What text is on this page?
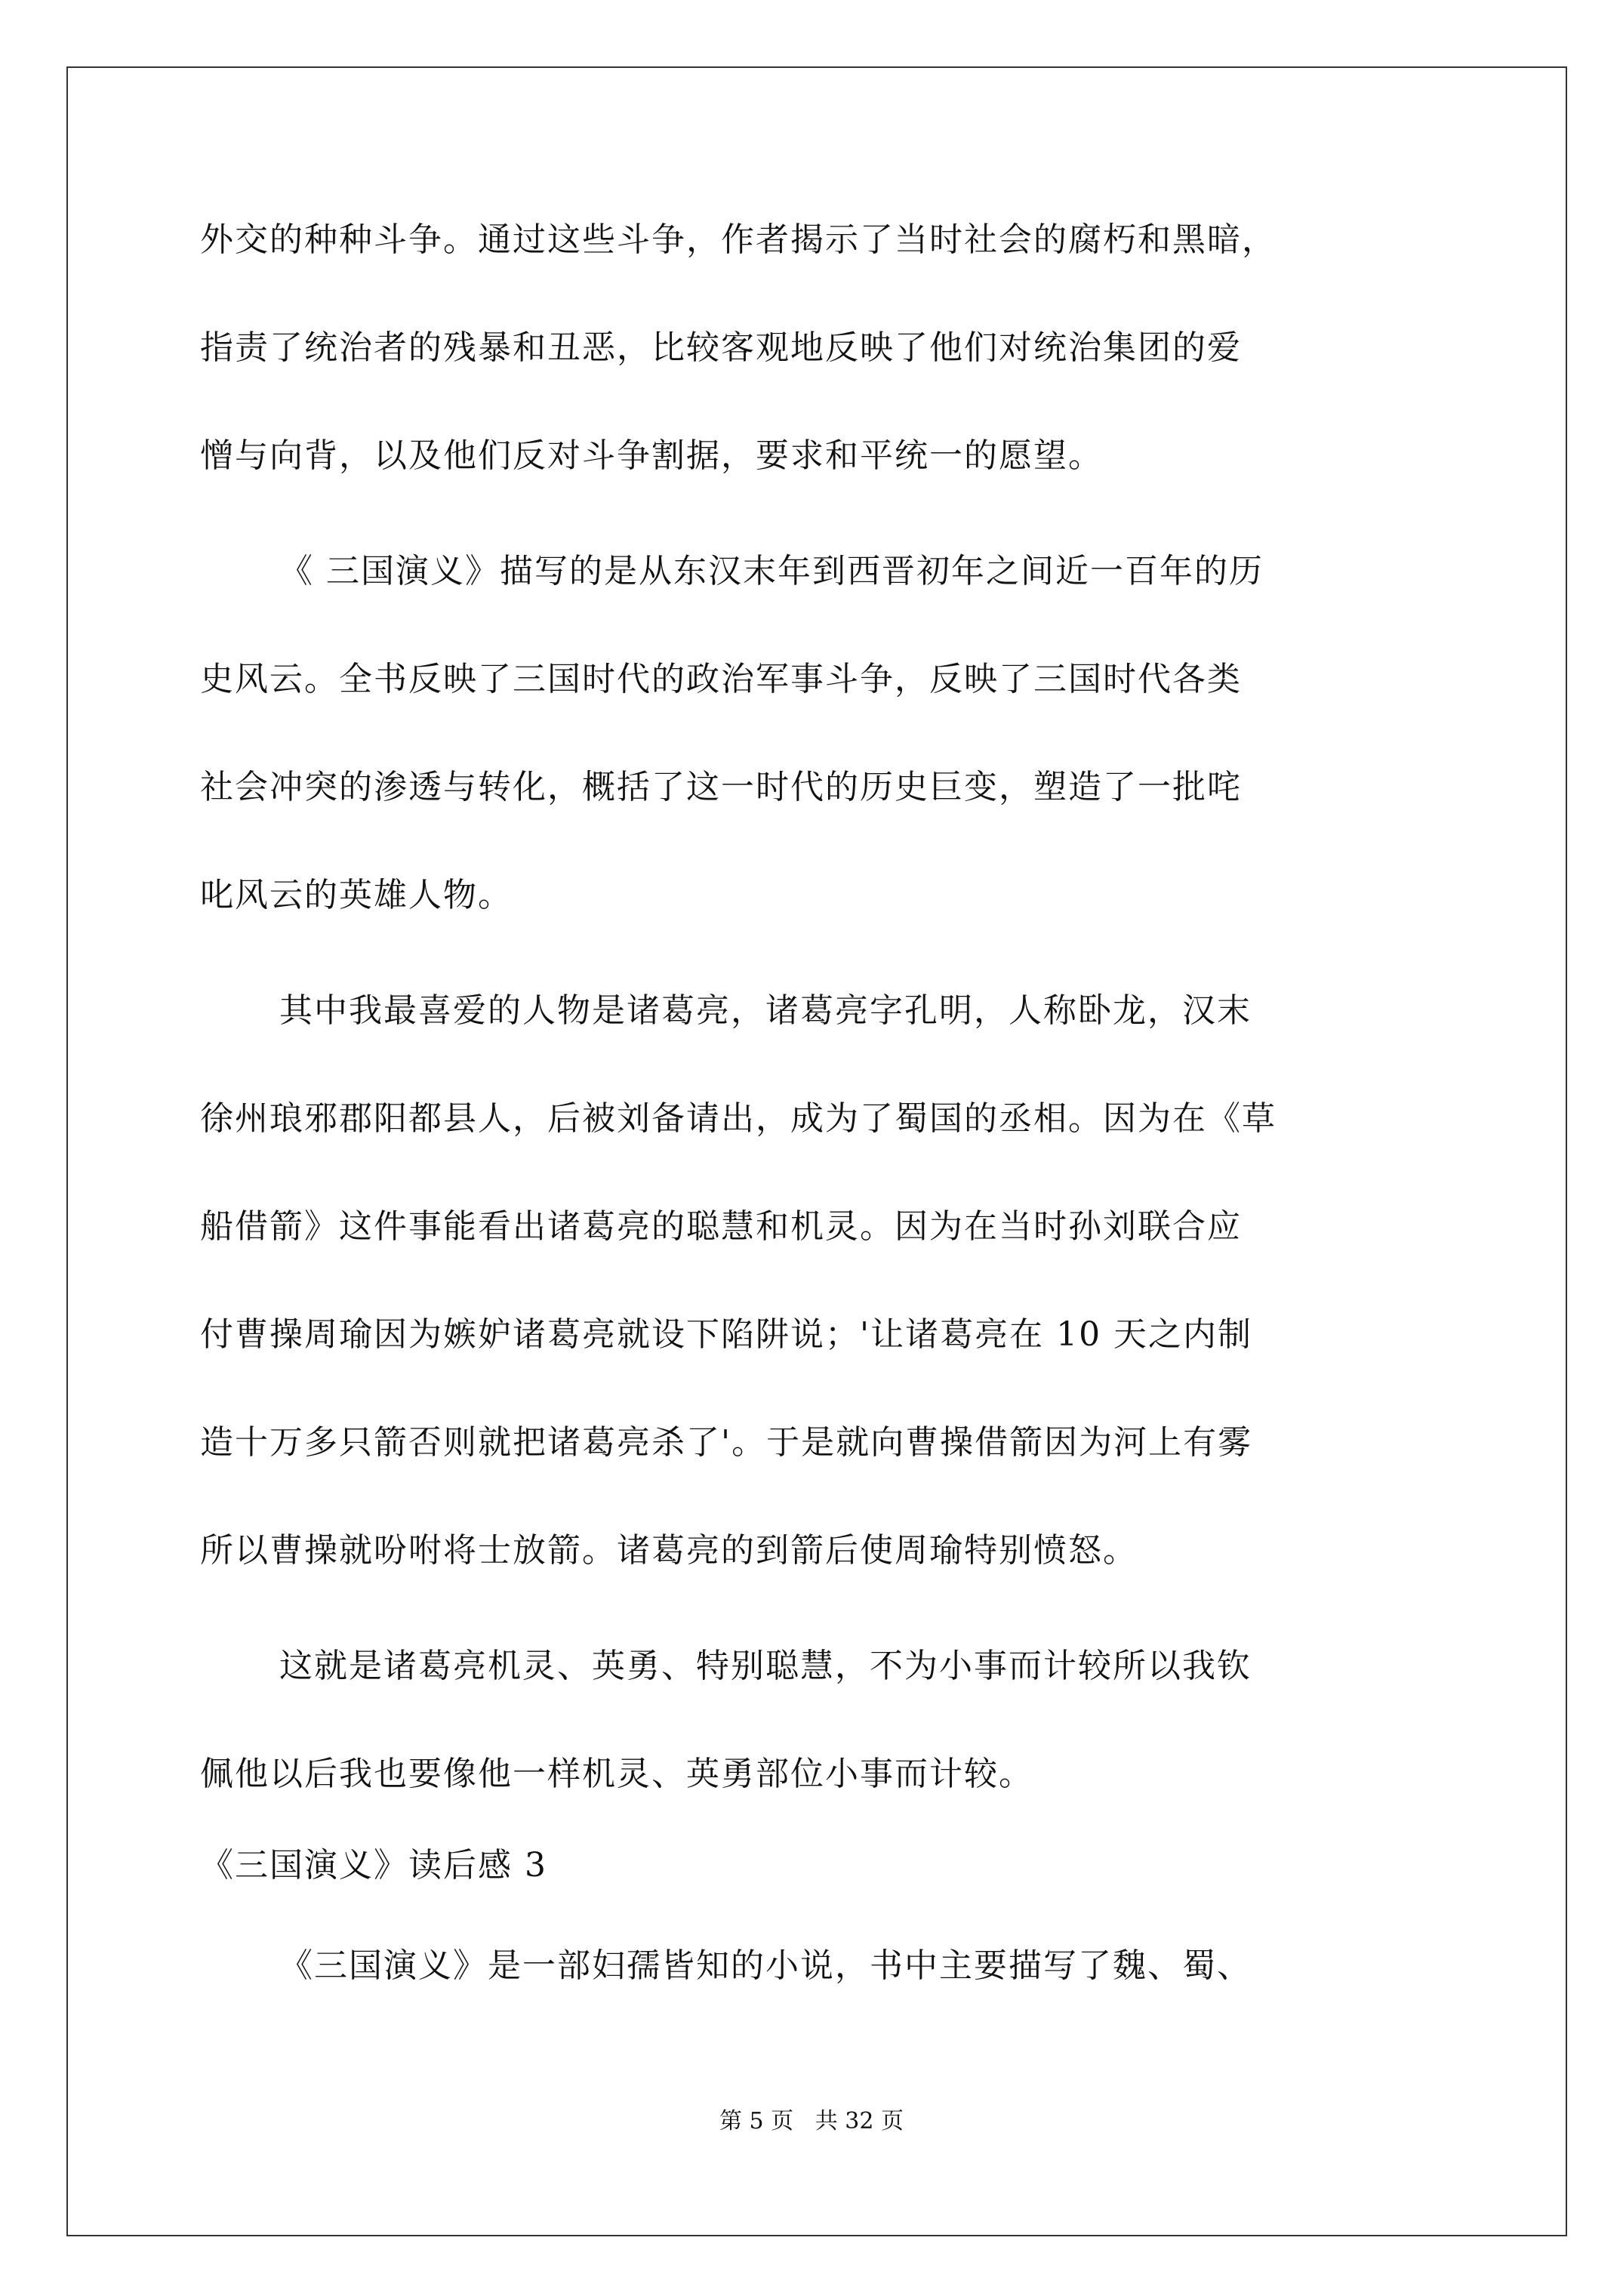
外交的种种斗争。通过这些斗争，作者揭示了当时社会的腐朽和黑暗，
指责了统治者的残暴和丑恶，比较客观地反映了他们对统治集团的爱
憎与向背，以及他们反对斗争割据，要求和平统一的愿望。
《 三国演义》描写的是从东汉末年到西晋初年之间近一百年的历
史风云。全书反映了三国时代的政治军事斗争，反映了三国时代各类
社会冲突的渗透与转化，概括了这一时代的历史巨变，塑造了一批咤
叱风云的英雄人物。
其中我最喜爱的人物是诸葛亮，诸葛亮字孔明，人称卧龙，汉末
徐州琅邪郡阳都县人，后被刘备请出，成为了蜀国的丞相。因为在《草
船借箭》这件事能看出诸葛亮的聪慧和机灵。因为在当时孙刘联合应
付曹操周瑜因为嫉妒诸葛亮就设下陷阱说；'让诸葛亮在 10 天之内制
造十万多只箭否则就把诸葛亮杀了'。于是就向曹操借箭因为河上有雾
所以曹操就吩咐将士放箭。诸葛亮的到箭后使周瑜特别愤怒。
这就是诸葛亮机灵、英勇、特别聪慧，不为小事而计较所以我钦
佩他以后我也要像他一样机灵、英勇部位小事而计较。
《三国演义》读后感 3
《三国演义》是一部妇孺皆知的小说，书中主要描写了魏、蜀、
第 5 页   共 32 页
